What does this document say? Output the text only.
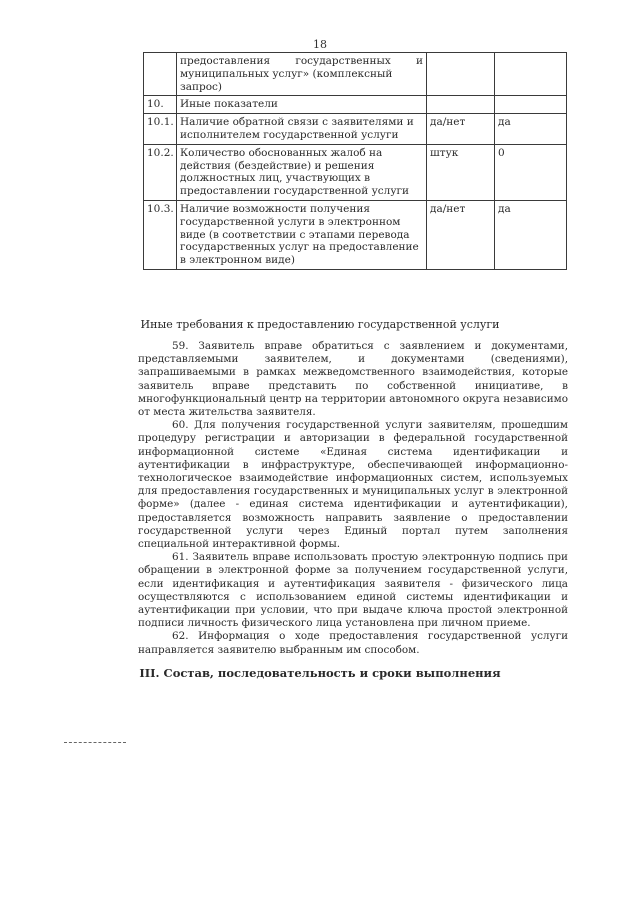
18

	предоставления государственных и
муниципальных услуг» (комплексный запрос)		

10.	Иные показатели		
10.1.	Наличие обратной связи с заявителями и исполнителем государственной услуги	да/нет	да
10.2.	Количество обоснованных жалоб на действия (бездействие) и решения должностных лиц, участвующих в предоставлении государственной услуги	штук	0
10.3.	Наличие возможности получения государственной услуги в электронном виде (в соответствии с этапами перевода государственных услуг на предоставление в электронном виде)	да/нет	да
Иные требования к предоставлению государственной услуги

59. Заявитель вправе обратиться с заявлением и документами, представляемыми заявителем, и документами (сведениями), запрашиваемыми в рамках межведомственного взаимодействия, которые заявитель вправе представить по собственной инициативе, в многофункциональный центр на территории автономного округа независимо от места жительства заявителя.

60. Для получения государственной услуги заявителям, прошедшим процедуру регистрации и авторизации в федеральной государственной информационной системе «Единая система идентификации и аутентификации в инфраструктуре, обеспечивающей информационно-технологическое взаимодействие информационных систем, используемых для предоставления государственных и муниципальных услуг в электронной форме» (далее - единая система идентификации и аутентификации), предоставляется возможность направить заявление о предоставлении государственной услуги через Единый портал путем заполнения специальной интерактивной формы.

61. Заявитель вправе использовать простую электронную подпись при обращении в электронной форме за получением государственной услуги, если идентификация и аутентификация заявителя - физического лица осуществляются с использованием единой системы идентификации и аутентификации при условии, что при выдаче ключа простой электронной подписи личность физического лица установлена при личном приеме.

62. Информация о ходе предоставления государственной услуги направляется заявителю выбранным им способом.

III. Состав, последовательность и сроки выполнения
